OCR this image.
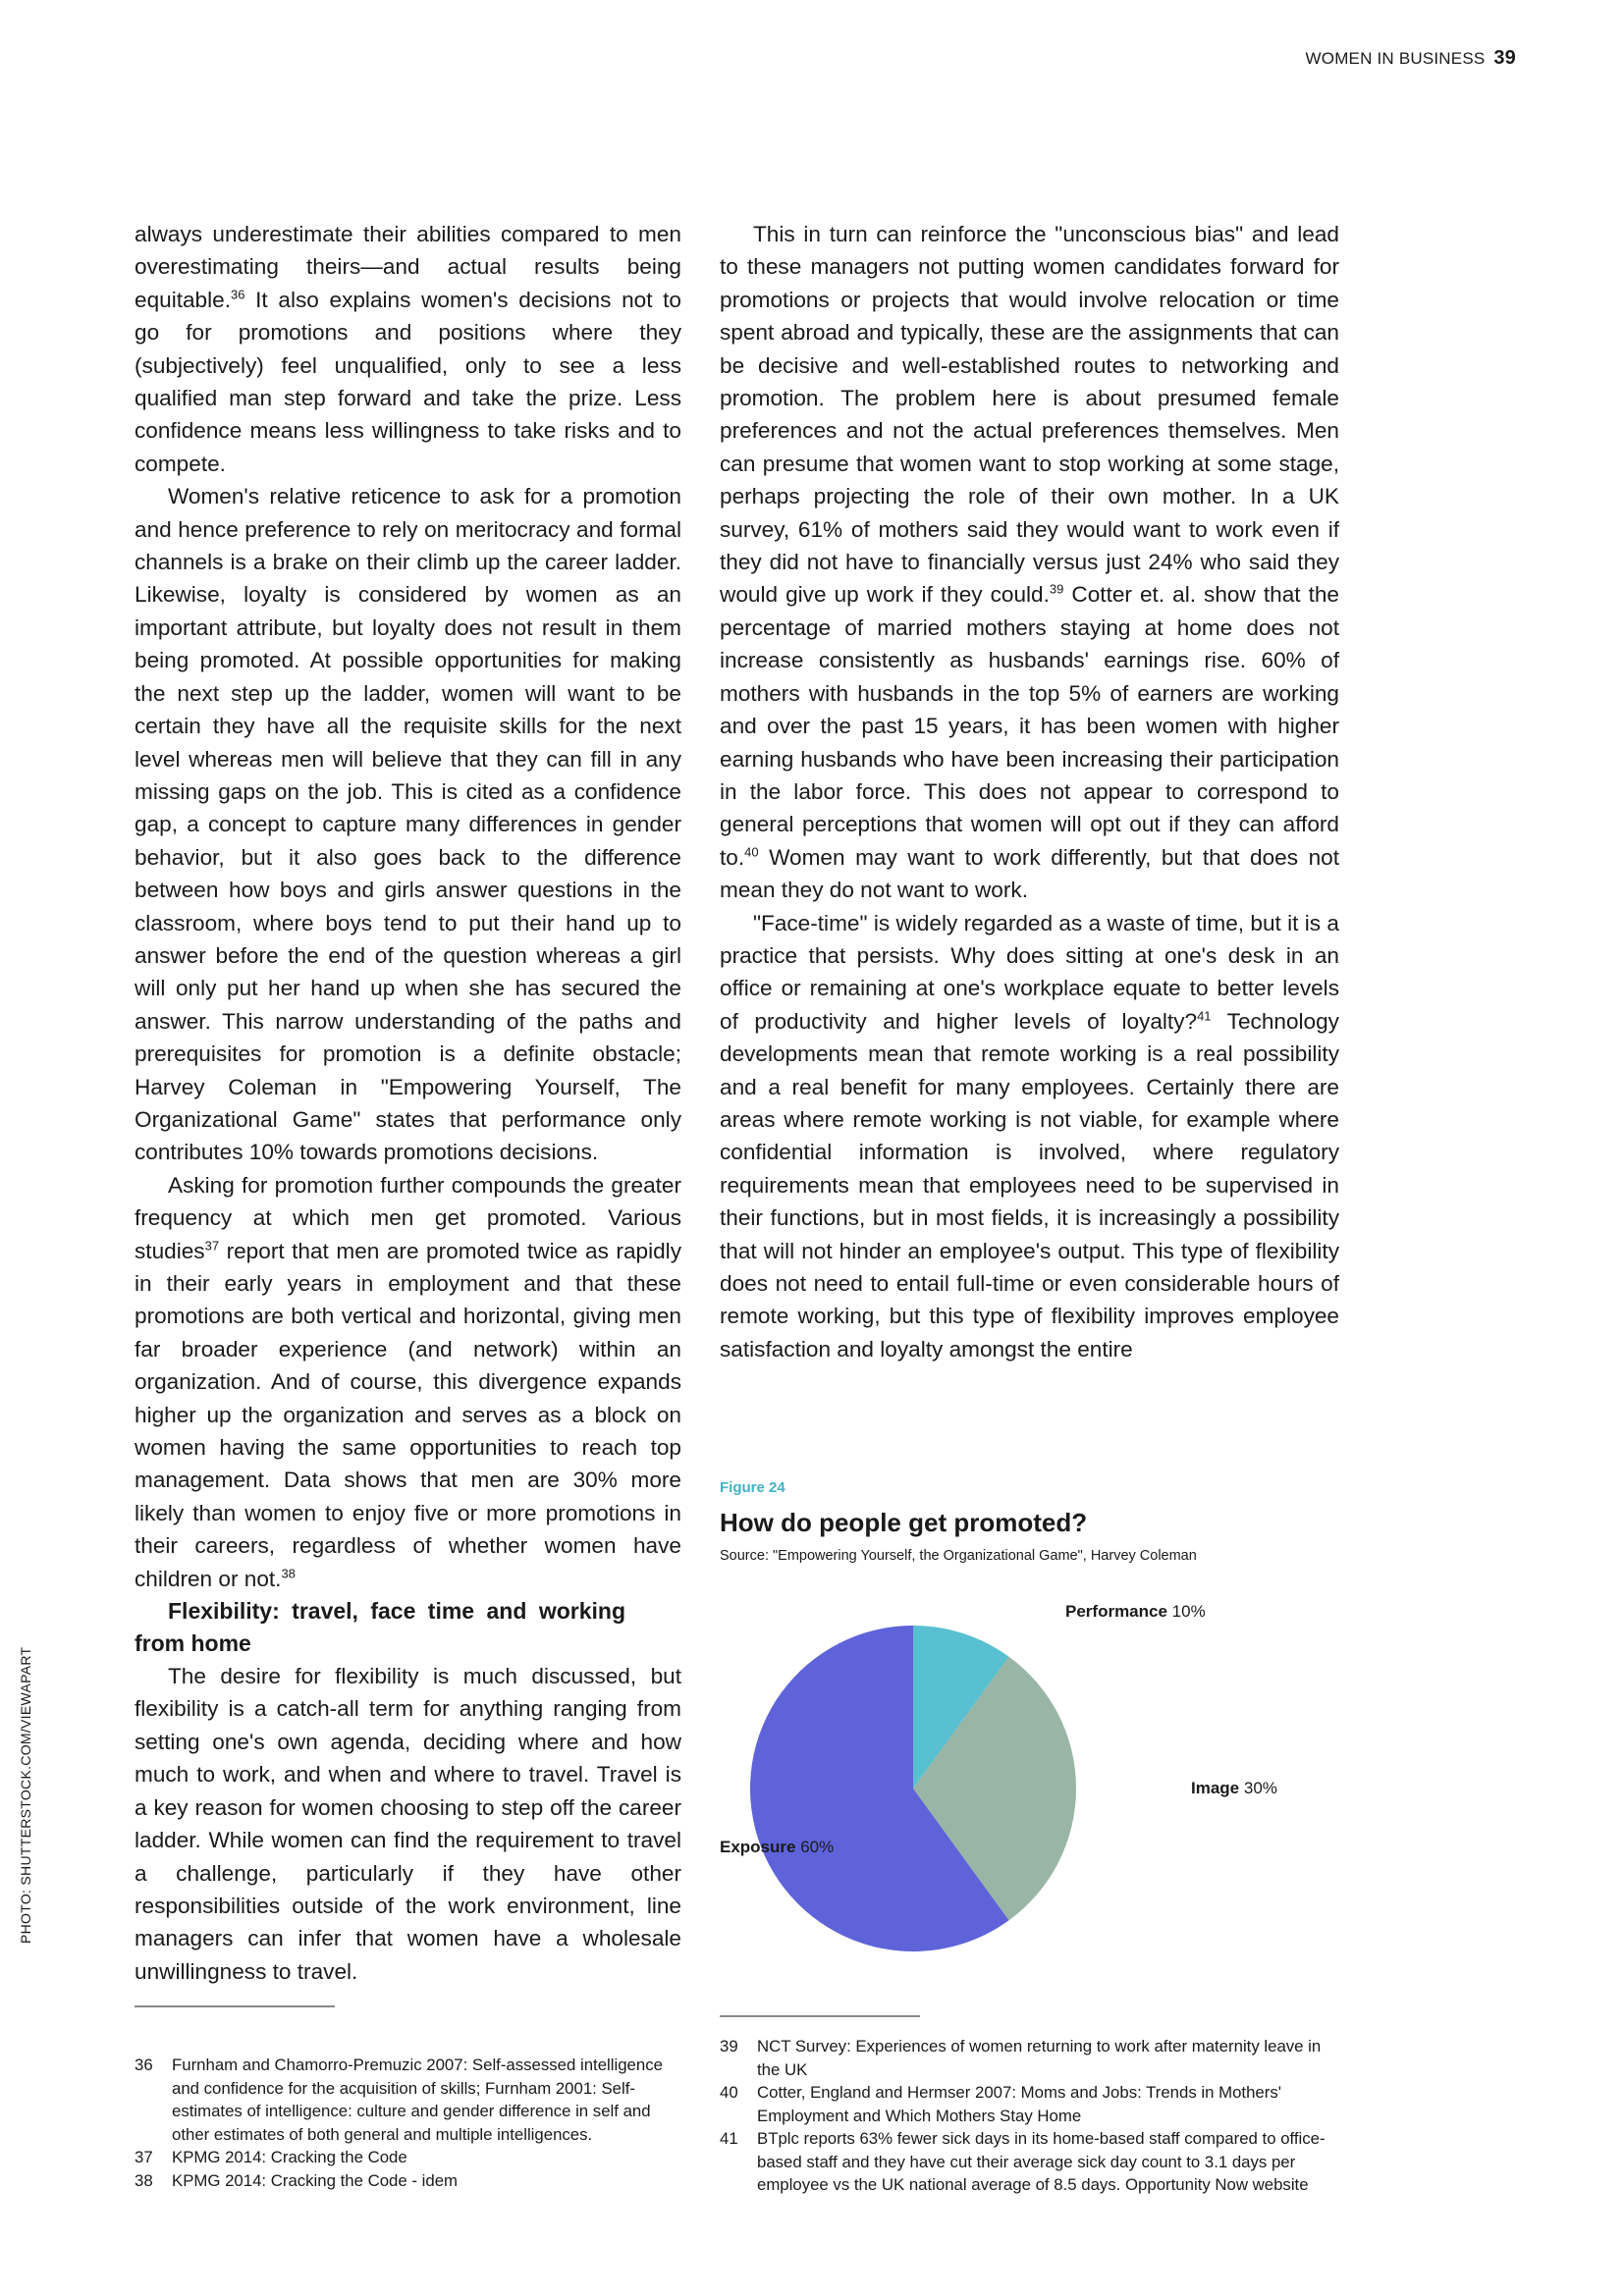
WOMEN IN BUSINESS 39
PHOTO: SHUTTERSTOCK.COM/VIEWAPART

always underestimate their abilities compared to men overestimating theirs—and actual results being equitable.$^{36}$ It also explains women's decisions not to go for promotions and positions where they (subjectively) feel unqualified, only to see a less qualified man step forward and take the prize. Less confidence means less willingness to take risks and to compete.

Women's relative reticence to ask for a promotion and hence preference to rely on meritocracy and formal channels is a brake on their climb up the career ladder. Likewise, loyalty is considered by women as an important attribute, but loyalty does not result in them being promoted. At possible opportunities for making the next step up the ladder, women will want to be certain they have all the requisite skills for the next level whereas men will believe that they can fill in any missing gaps on the job. This is cited as a confidence gap, a concept to capture many differences in gender behavior, but it also goes back to the difference between how boys and girls answer questions in the classroom, where boys tend to put their hand up to answer before the end of the question whereas a girl will only put her hand up when she has secured the answer. This narrow understanding of the paths and prerequisites for promotion is a definite obstacle; Harvey Coleman in "Empowering Yourself, The Organizational Game" states that performance only contributes 10% towards promotions decisions.

Asking for promotion further compounds the greater frequency at which men get promoted. Various studies$^{37}$ report that men are promoted twice as rapidly in their early years in employment and that these promotions are both vertical and horizontal, giving men far broader experience (and network) within an organization. And of course, this divergence expands higher up the organization and serves as a block on women having the same opportunities to reach top management. Data shows that men are 30% more likely than women to enjoy five or more promotions in their careers, regardless of whether women have children or not.$^{38}$

Flexibility: travel, face time and working from home

The desire for flexibility is much discussed, but flexibility is a catch-all term for anything ranging from setting one's own agenda, deciding where and how much to work, and when and where to travel. Travel is a key reason for women choosing to step off the career ladder. While women can find the requirement to travel a challenge, particularly if they have other responsibilities outside of the work environment, line managers can infer that women have a wholesale unwillingness to travel.

This in turn can reinforce the "unconscious bias" and lead to these managers not putting women candidates forward for promotions or projects that would involve relocation or time spent abroad and typically, these are the assignments that can be decisive and well-established routes to networking and promotion. The problem here is about presumed female preferences and not the actual preferences themselves. Men can presume that women want to stop working at some stage, perhaps projecting the role of their own mother. In a UK survey, 61% of mothers said they would want to work even if they did not have to financially versus just 24% who said they would give up work if they could.$^{39}$ Cotter et. al. show that the percentage of married mothers staying at home does not increase consistently as husbands' earnings rise. 60% of mothers with husbands in the top 5% of earners are working and over the past 15 years, it has been women with higher earning husbands who have been increasing their participation in the labor force. This does not appear to correspond to general perceptions that women will opt out if they can afford to.$^{40}$ Women may want to work differently, but that does not mean they do not want to work.

"Face-time" is widely regarded as a waste of time, but it is a practice that persists. Why does sitting at one's desk in an office or remaining at one's workplace equate to better levels of productivity and higher levels of loyalty?$^{41}$ Technology developments mean that remote working is a real possibility and a real benefit for many employees. Certainly there are areas where remote working is not viable, for example where confidential information is involved, where regulatory requirements mean that employees need to be supervised in their functions, but in most fields, it is increasingly a possibility that will not hinder an employee's output. This type of flexibility does not need to entail full-time or even considerable hours of remote working, but this type of flexibility improves employee satisfaction and loyalty amongst the entire

Figure 24
How do people get promoted?
Source: "Empowering Yourself, the Organizational Game", Harvey Coleman
Performance 10%
Image 30%
Exposure 60%
36	Furnham and Chamorro-Premuzic 2007: Self-assessed intelligence and confidence for the acquisition of skills; Furnham 2001: Self-estimates of intelligence: culture and gender difference in self and other estimates of both general and multiple intelligences.
37	KPMG 2014: Cracking the Code
38	KPMG 2014: Cracking the Code - idem
39	NCT Survey: Experiences of women returning to work after maternity leave in the UK
40	Cotter, England and Hermser 2007: Moms and Jobs: Trends in Mothers' Employment and Which Mothers Stay Home
41	BTplc reports 63% fewer sick days in its home-based staff compared to office-based staff and they have cut their average sick day count to 3.1 days per employee vs the UK national average of 8.5 days. Opportunity Now website
